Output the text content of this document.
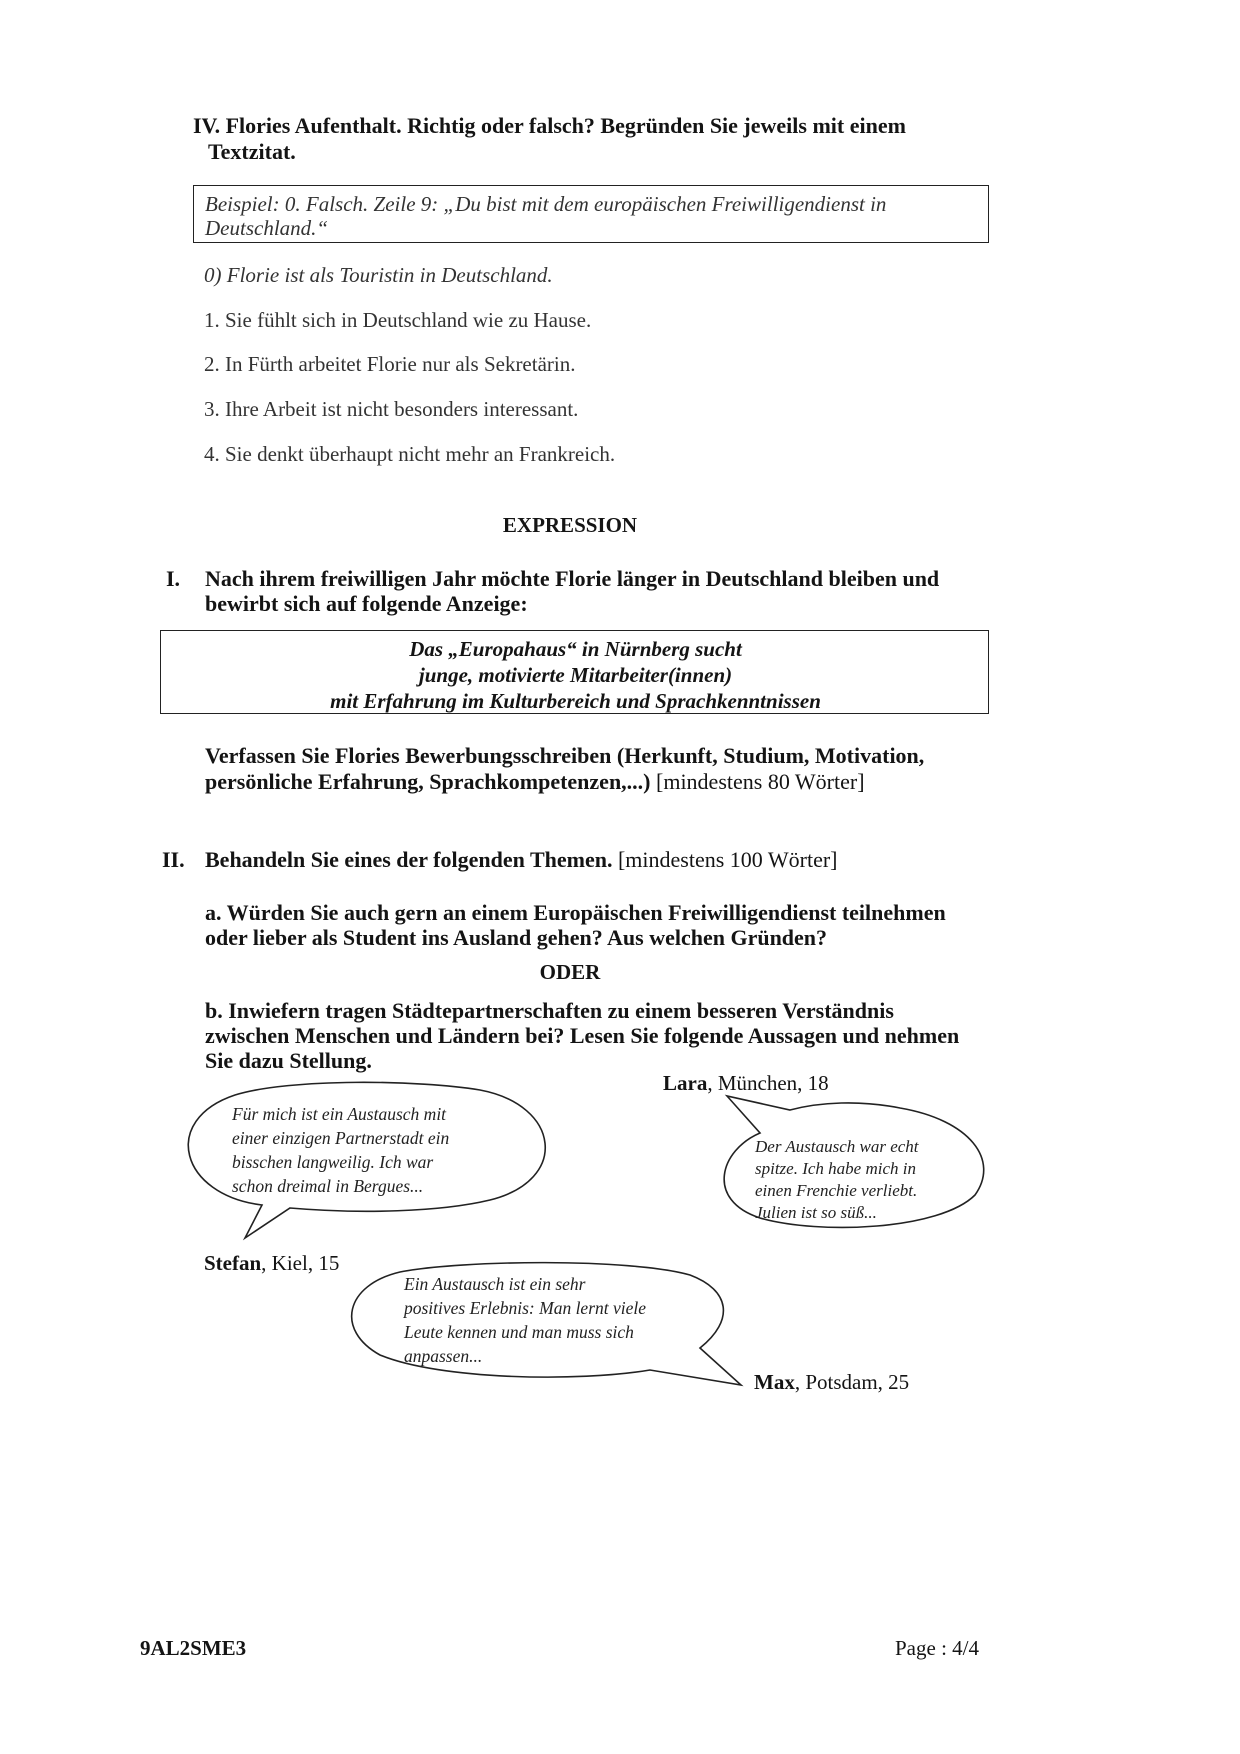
IV. Flories Aufenthalt. Richtig oder falsch? Begründen Sie jeweils mit einem
Textzitat.
Beispiel: 0. Falsch. Zeile 9: „Du bist mit dem europäischen Freiwilligendienst in
Deutschland.“
0) Florie ist als Touristin in Deutschland.
1. Sie fühlt sich in Deutschland wie zu Hause.
2. In Fürth arbeitet Florie nur als Sekretärin.
3. Ihre Arbeit ist nicht besonders interessant.
4. Sie denkt überhaupt nicht mehr an Frankreich.
EXPRESSION
I. Nach ihrem freiwilligen Jahr möchte Florie länger in Deutschland bleiben und
bewirbt sich auf folgende Anzeige:
Das „Europahaus“ in Nürnberg sucht
junge, motivierte Mitarbeiter(innen)
mit Erfahrung im Kulturbereich und Sprachkenntnissen
Verfassen Sie Flories Bewerbungsschreiben (Herkunft, Studium, Motivation,
persönliche Erfahrung, Sprachkompetenzen,...) [mindestens 80 Wörter]
II. Behandeln Sie eines der folgenden Themen. [mindestens 100 Wörter]
a. Würden Sie auch gern an einem Europäischen Freiwilligendienst teilnehmen
oder lieber als Student ins Ausland gehen? Aus welchen Gründen?
ODER
b. Inwiefern tragen Städtepartnerschaften zu einem besseren Verständnis
zwischen Menschen und Ländern bei? Lesen Sie folgende Aussagen und nehmen
Sie dazu Stellung.
Für mich ist ein Austausch mit
einer einzigen Partnerstadt ein
bisschen langweilig. Ich war
schon dreimal in Bergues...
Stefan, Kiel, 15
Lara, München, 18
Der Austausch war echt
spitze. Ich habe mich in
einen Frenchie verliebt.
Julien ist so süß...
Ein Austausch ist ein sehr
positives Erlebnis: Man lernt viele
Leute kennen und man muss sich
anpassen...
Max, Potsdam, 25
9AL2SME3	Page : 4/4
